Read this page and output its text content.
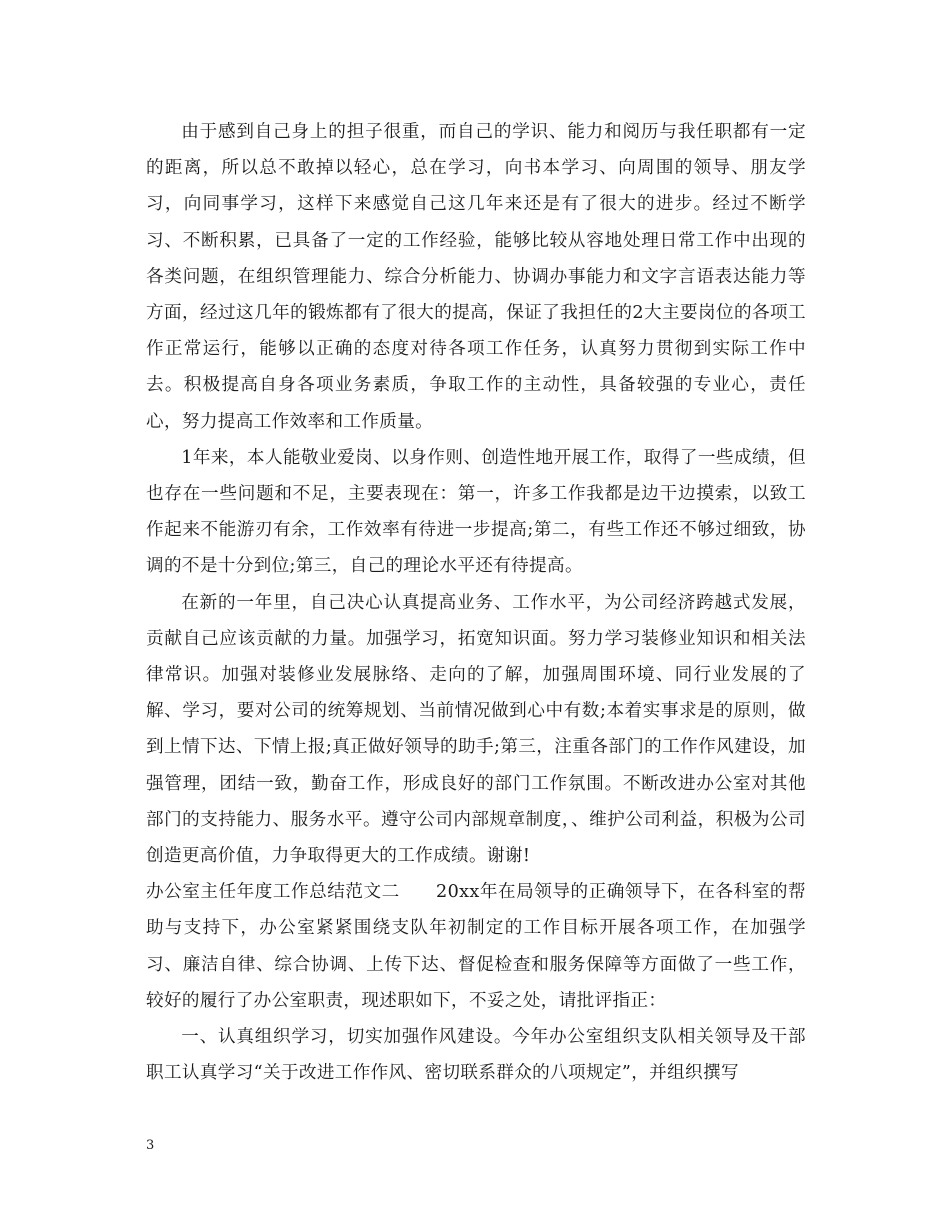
由于感到自己身上的担子很重，而自己的学识、能力和阅历与我任职都有一定的距离，所以总不敢掉以轻心，总在学习，向书本学习、向周围的领导、朋友学习，向同事学习，这样下来感觉自己这几年来还是有了很大的进步。经过不断学习、不断积累，已具备了一定的工作经验，能够比较从容地处理日常工作中出现的各类问题，在组织管理能力、综合分析能力、协调办事能力和文字言语表达能力等方面，经过这几年的锻炼都有了很大的提高，保证了我担任的2大主要岗位的各项工作正常运行，能够以正确的态度对待各项工作任务，认真努力贯彻到实际工作中去。积极提高自身各项业务素质，争取工作的主动性，具备较强的专业心，责任心，努力提高工作效率和工作质量。

1年来，本人能敬业爱岗、以身作则、创造性地开展工作，取得了一些成绩，但也存在一些问题和不足，主要表现在：第一，许多工作我都是边干边摸索，以致工作起来不能游刃有余，工作效率有待进一步提高;第二，有些工作还不够过细致，协调的不是十分到位;第三，自己的理论水平还有待提高。

在新的一年里，自己决心认真提高业务、工作水平，为公司经济跨越式发展，贡献自己应该贡献的力量。加强学习，拓宽知识面。努力学习装修业知识和相关法律常识。加强对装修业发展脉络、走向的了解，加强周围环境、同行业发展的了解、学习，要对公司的统筹规划、当前情况做到心中有数;本着实事求是的原则，做到上情下达、下情上报;真正做好领导的助手;第三，注重各部门的工作作风建设，加强管理，团结一致，勤奋工作，形成良好的部门工作氛围。不断改进办公室对其他部门的支持能力、服务水平。遵守公司内部规章制度，、维护公司利益，积极为公司创造更高价值，力争取得更大的工作成绩。谢谢!

办公室主任年度工作总结范文二　　20xx年在局领导的正确领导下，在各科室的帮助与支持下，办公室紧紧围绕支队年初制定的工作目标开展各项工作，在加强学习、廉洁自律、综合协调、上传下达、督促检查和服务保障等方面做了一些工作，较好的履行了办公室职责，现述职如下，不妥之处，请批评指正：

一、认真组织学习，切实加强作风建设。今年办公室组织支队相关领导及干部职工认真学习“关于改进工作作风、密切联系群众的八项规定”，并组织撰写

3
